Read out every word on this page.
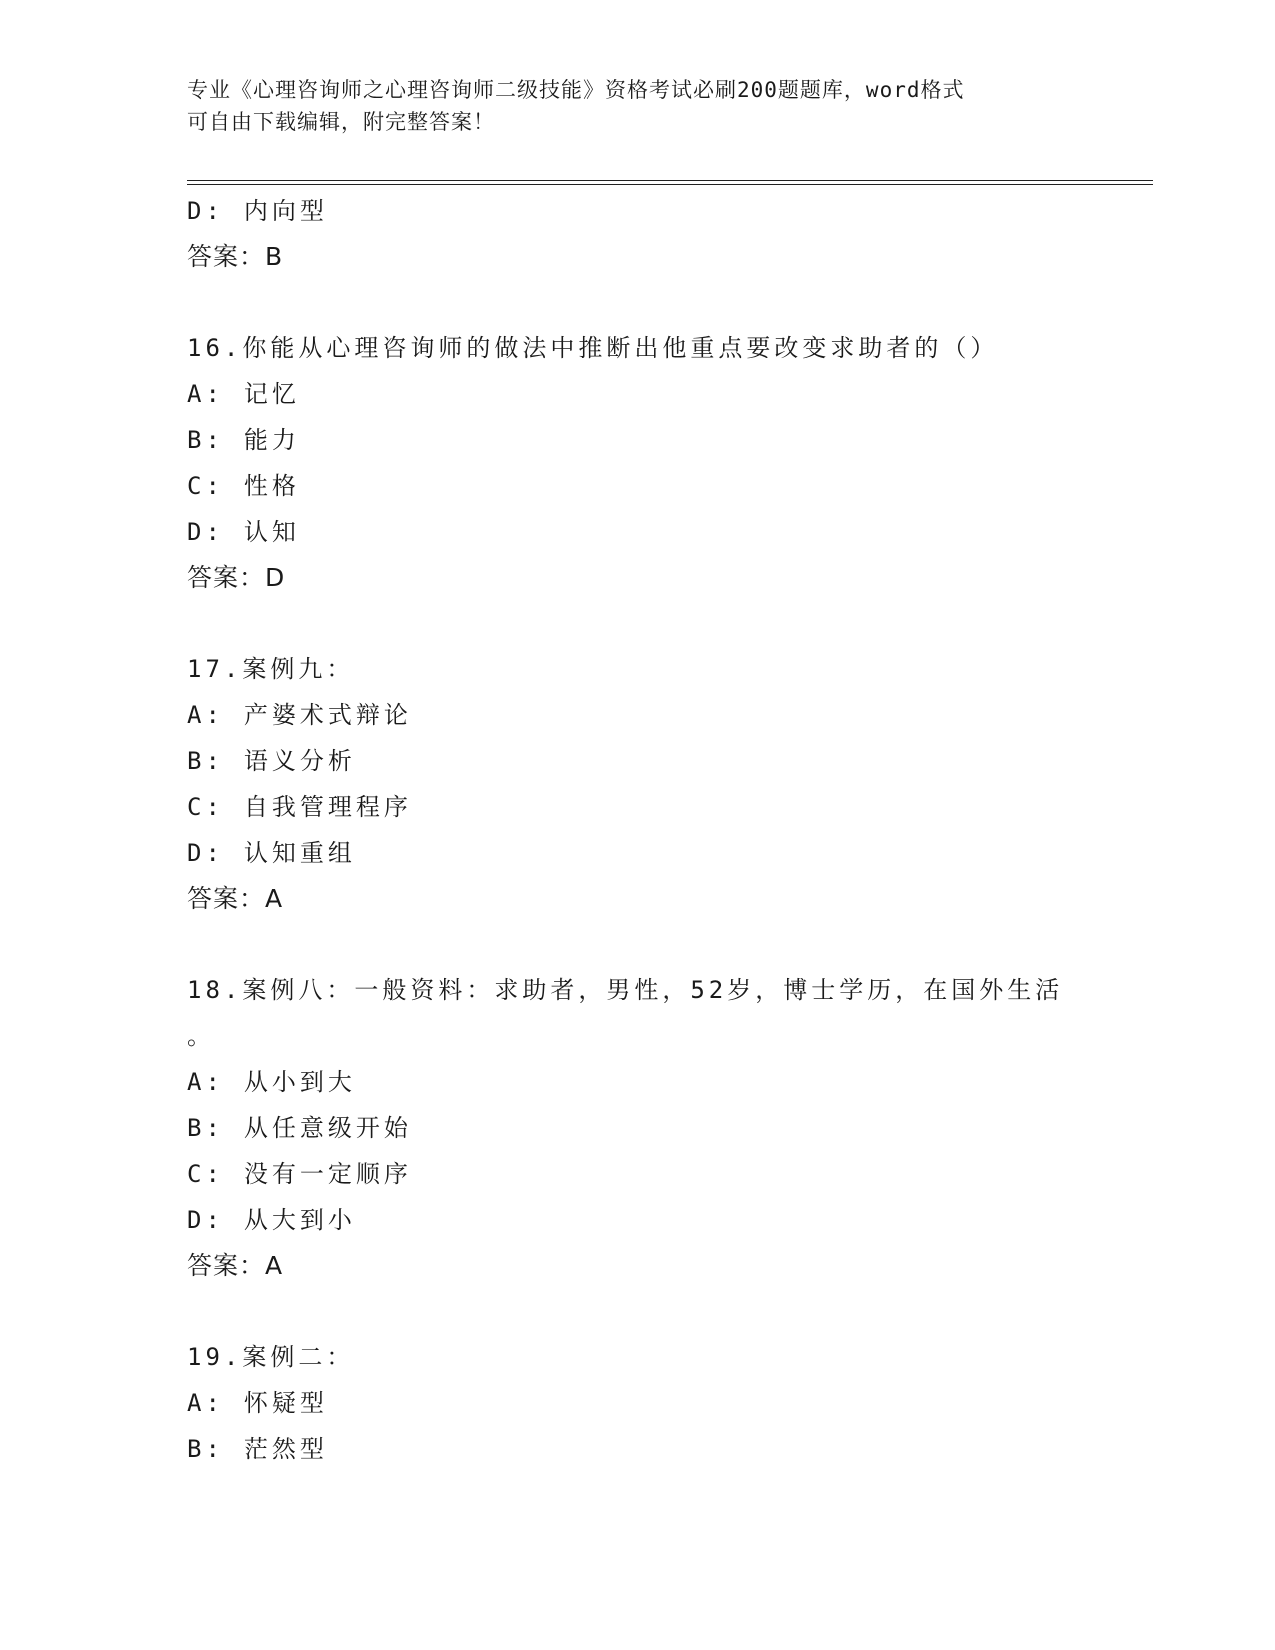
专业《心理咨询师之心理咨询师二级技能》资格考试必刷200题题库，word格式
可自由下载编辑，附完整答案！
D: 内向型
答案：B
16.你能从心理咨询师的做法中推断出他重点要改变求助者的（）
A: 记忆
B: 能力
C: 性格
D: 认知
答案：D
17.案例九：
A: 产婆术式辩论
B: 语义分析
C: 自我管理程序
D: 认知重组
答案：A
18.案例八：一般资料：求助者，男性，52岁，博士学历，在国外生活
。
A: 从小到大
B: 从任意级开始
C: 没有一定顺序
D: 从大到小
答案：A
19.案例二：
A: 怀疑型
B: 茫然型
